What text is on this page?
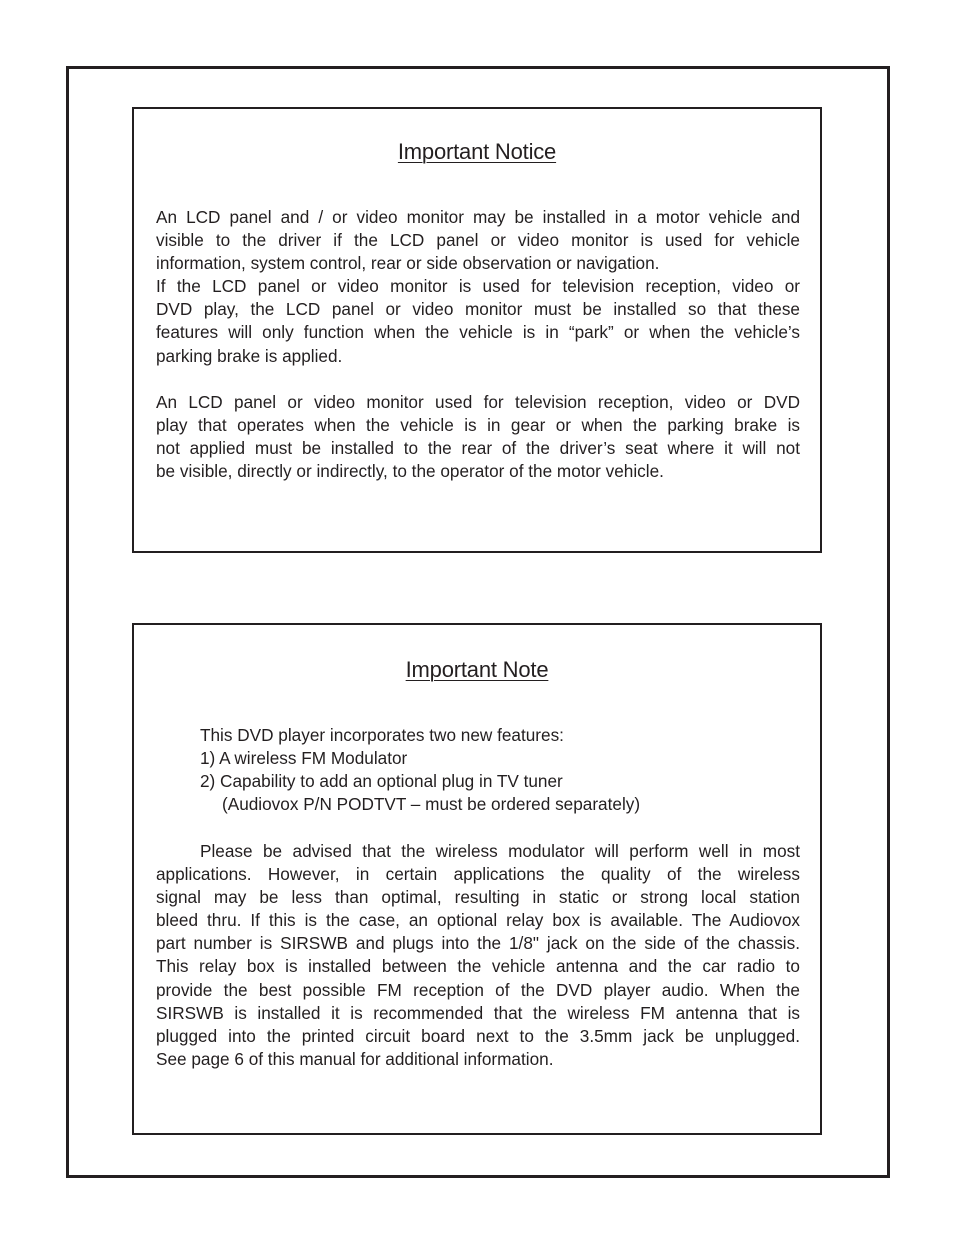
Important Notice

An LCD panel and / or video monitor may be installed in a motor vehicle and
visible to the driver if the LCD panel or video monitor is used for vehicle
information, system control, rear or side observation or navigation.
If the LCD panel or video monitor is used for television reception, video or
DVD play, the LCD panel or video monitor must be installed so that these
features will only function when the vehicle is in “park” or when the vehicle’s
parking brake is applied.

An LCD panel or video monitor used for television reception, video or DVD
play that operates when the vehicle is in gear or when the parking brake is
not applied must be installed to the rear of the driver’s seat where it will not
be visible, directly or indirectly, to the operator of the motor vehicle.

Important Note
This DVD player incorporates two new features:
1) A wireless FM Modulator
2) Capability to add an optional plug in TV tuner
(Audiovox P/N PODTVT – must be ordered separately)

Please be advised that the wireless modulator will perform well in most
applications. However, in certain applications the quality of the wireless
signal may be less than optimal, resulting in static or strong local station
bleed thru. If this is the case, an optional relay box is available. The Audiovox
part number is SIRSWB and plugs into the 1/8" jack on the side of the chassis.
This relay box is installed between the vehicle antenna and the car radio to
provide the best possible FM reception of the DVD player audio. When the
SIRSWB is installed it is recommended that the wireless FM antenna that is
plugged into the printed circuit board next to the 3.5mm jack be unplugged.
See page 6 of this manual for additional information.
